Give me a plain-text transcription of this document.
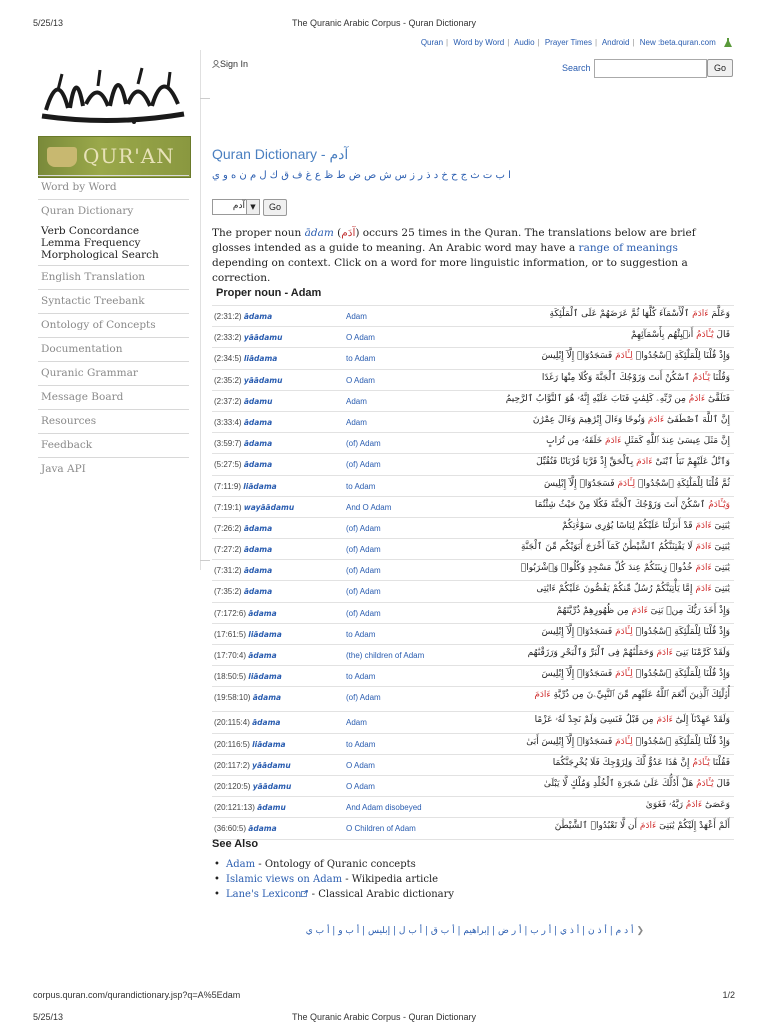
5/25/13	The Quranic Arabic Corpus - Quran Dictionary
Quran | Word by Word | Audio | Prayer Times | Android | New :beta.quran.com
QUR'AN
Word by Word
Quran Dictionary
Verb Concordance
Lemma Frequency
Morphological Search
English Translation
Syntactic Treebank
Ontology of Concepts
Documentation
Quranic Grammar
Message Board
Resources
Feedback
Java API
Sign In	Search	Go
Quran Dictionary - آدم
ا ب ت ث ج ح خ د ذ ر ز س ش ص ض ط ظ ع غ ف ق ك ل م ن ه و ي
آدم ▼	Go
The proper noun ādam (آدَم) occurs 25 times in the Quran. The translations below are brief glosses intended as a guide to meaning. An Arabic word may have a range of meanings depending on context. Click on a word for more linguistic information, or to suggestion a correction.
Proper noun - Adam
(2:31:2) ādama	Adam	وَعَلَّمَ ءَادَمَ ٱلْأَسْمَآءَ كُلَّهَا ثُمَّ عَرَضَهُمْ عَلَى ٱلْمَلَٰٓئِكَةِ
(2:33:2) yāādamu	O Adam	قَالَ يَٰٓـَٔادَمُ أَنۢبِئْهُم بِأَسْمَآئِهِمْ
(2:34:5) liādama	to Adam	وَإِذْ قُلْنَا لِلْمَلَٰٓئِكَةِ ٱسْجُدُوا۟ لِـَٔادَمَ فَسَجَدُوٓا۟ إِلَّآ إِبْلِيسَ
(2:35:2) yāādamu	O Adam	وَقُلْنَا يَٰٓـَٔادَمُ ٱسْكُنْ أَنتَ وَزَوْجُكَ ٱلْجَنَّةَ وَكُلَا مِنْهَا رَغَدًا
(2:37:2) ādamu	Adam	فَتَلَقَّىٰٓ ءَادَمُ مِن رَّبِّهِۦ كَلِمَٰتٍ فَتَابَ عَلَيْهِ إِنَّهُۥ هُوَ ٱلتَّوَّابُ ٱلرَّحِيمُ
(3:33:4) ādama	Adam	إِنَّ ٱللَّهَ ٱصْطَفَىٰٓ ءَادَمَ وَنُوحًا وَءَالَ إِبْرَٰهِيمَ وَءَالَ عِمْرَٰنَ
(3:59:7) ādama	(of) Adam	إِنَّ مَثَلَ عِيسَىٰ عِندَ ٱللَّهِ كَمَثَلِ ءَادَمَ خَلَقَهُۥ مِن تُرَابٍ
(5:27:5) ādama	(of) Adam	وَٱتْلُ عَلَيْهِمْ نَبَأَ ٱبْنَىْ ءَادَمَ بِٱلْحَقِّ إِذْ قَرَّبَا قُرْبَانًا فَتُقُبِّلَ
(7:11:9) liādama	to Adam	ثُمَّ قُلْنَا لِلْمَلَٰٓئِكَةِ ٱسْجُدُوا۟ لِـَٔادَمَ فَسَجَدُوٓا۟ إِلَّآ إِبْلِيسَ
(7:19:1) wayāādamu	And O Adam	وَيَٰٓـَٔادَمُ ٱسْكُنْ أَنتَ وَزَوْجُكَ ٱلْجَنَّةَ فَكُلَا مِنْ حَيْثُ شِئْتُمَا
(7:26:2) ādama	(of) Adam	يَٰبَنِىٓ ءَادَمَ قَدْ أَنزَلْنَا عَلَيْكُمْ لِبَاسًا يُوَٰرِى سَوْءَٰتِكُمْ
(7:27:2) ādama	(of) Adam	يَٰبَنِىٓ ءَادَمَ لَا يَفْتِنَنَّكُمُ ٱلشَّيْطَٰنُ كَمَآ أَخْرَجَ أَبَوَيْكُم مِّنَ ٱلْجَنَّةِ
(7:31:2) ādama	(of) Adam	يَٰبَنِىٓ ءَادَمَ خُذُوا۟ زِينَتَكُمْ عِندَ كُلِّ مَسْجِدٍ وَكُلُوا۟ وَٱشْرَبُوا۟
(7:35:2) ādama	(of) Adam	يَٰبَنِىٓ ءَادَمَ إِمَّا يَأْتِيَنَّكُمْ رُسُلٌ مِّنكُمْ يَقُصُّونَ عَلَيْكُمْ ءَايَٰتِى
(7:172:6) ādama	(of) Adam	وَإِذْ أَخَذَ رَبُّكَ مِنۢ بَنِىٓ ءَادَمَ مِن ظُهُورِهِمْ ذُرِّيَّتَهُمْ
(17:61:5) liādama	to Adam	وَإِذْ قُلْنَا لِلْمَلَٰٓئِكَةِ ٱسْجُدُوا۟ لِـَٔادَمَ فَسَجَدُوٓا۟ إِلَّآ إِبْلِيسَ
(17:70:4) ādama	(the) children of Adam	وَلَقَدْ كَرَّمْنَا بَنِىٓ ءَادَمَ وَحَمَلْنَٰهُمْ فِى ٱلْبَرِّ وَٱلْبَحْرِ وَرَزَقْنَٰهُم
(18:50:5) liādama	to Adam	وَإِذْ قُلْنَا لِلْمَلَٰٓئِكَةِ ٱسْجُدُوا۟ لِـَٔادَمَ فَسَجَدُوٓا۟ إِلَّآ إِبْلِيسَ
(19:58:10) ādama	(of) Adam	أُو۟لَٰٓئِكَ ٱلَّذِينَ أَنْعَمَ ٱللَّهُ عَلَيْهِم مِّنَ ٱلنَّبِيِّۦنَ مِن ذُرِّيَّةِ ءَادَمَ
(20:115:4) ādama	Adam	وَلَقَدْ عَهِدْنَآ إِلَىٰٓ ءَادَمَ مِن قَبْلُ فَنَسِىَ وَلَمْ نَجِدْ لَهُۥ عَزْمًا
(20:116:5) liādama	to Adam	وَإِذْ قُلْنَا لِلْمَلَٰٓئِكَةِ ٱسْجُدُوا۟ لِـَٔادَمَ فَسَجَدُوٓا۟ إِلَّآ إِبْلِيسَ أَبَىٰ
(20:117:2) yāādamu	O Adam	فَقُلْنَا يَٰٓـَٔادَمُ إِنَّ هَٰذَا عَدُوٌّ لَّكَ وَلِزَوْجِكَ فَلَا يُخْرِجَنَّكُمَا
(20:120:5) yāādamu	O Adam	قَالَ يَٰٓـَٔادَمُ هَلْ أَدُلُّكَ عَلَىٰ شَجَرَةِ ٱلْخُلْدِ وَمُلْكٍ لَّا يَبْلَىٰ
(20:121:13) ādamu	And Adam disobeyed	وَعَصَىٰٓ ءَادَمُ رَبَّهُۥ فَغَوَىٰ
(36:60:5) ādama	O Children of Adam	أَلَمْ أَعْهَدْ إِلَيْكُمْ يَٰبَنِىٓ ءَادَمَ أَن لَّا تَعْبُدُوا۟ ٱلشَّيْطَٰنَ
See Also
• Adam - Ontology of Quranic concepts
• Islamic views on Adam - Wikipedia article
• Lane's Lexicon - Classical Arabic dictionary
❮أ د م | أ ذ ن | أ ذ ي | أ ر ب | أ ر ض | إبراهيم | أ ب ق | أ ب ل | إبليس | أ ب و | أ ب ي
corpus.quran.com/qurandictionary.jsp?q=A%5Edam	1/2
5/25/13	The Quranic Arabic Corpus - Quran Dictionary
